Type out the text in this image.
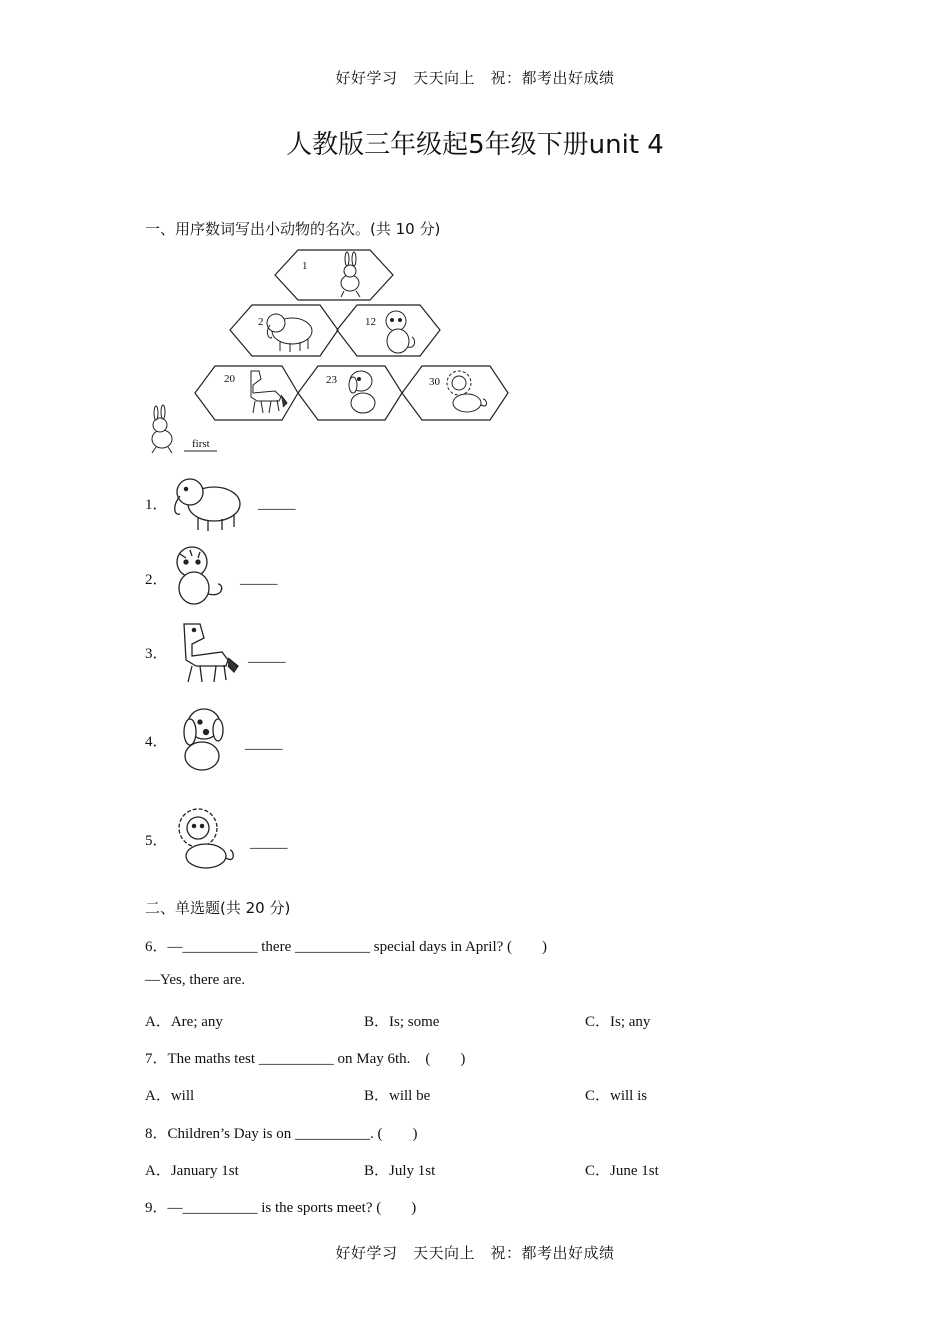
好好学习　天天向上　祝：都考出好成绩
人教版三年级起5年级下册unit 4
一、用序数词写出小动物的名次。(共 10 分)
1
2	12
20	23	30
first
1．	_____
2．	_____
3．	_____
4．	_____
5．	_____
二、单选题(共 20 分)
6．—__________ there __________ special days in April? (　　)
—Yes, there are.
A．Are; any	B．Is; some	C．Is; any
7．The maths test __________ on May 6th.　(　　)
A．will	B．will be	C．will is
8．Children’s Day is on __________. (　　)
A．January 1st	B．July 1st	C．June 1st
9．—__________ is the sports meet? (　　)
好好学习　天天向上　祝：都考出好成绩
